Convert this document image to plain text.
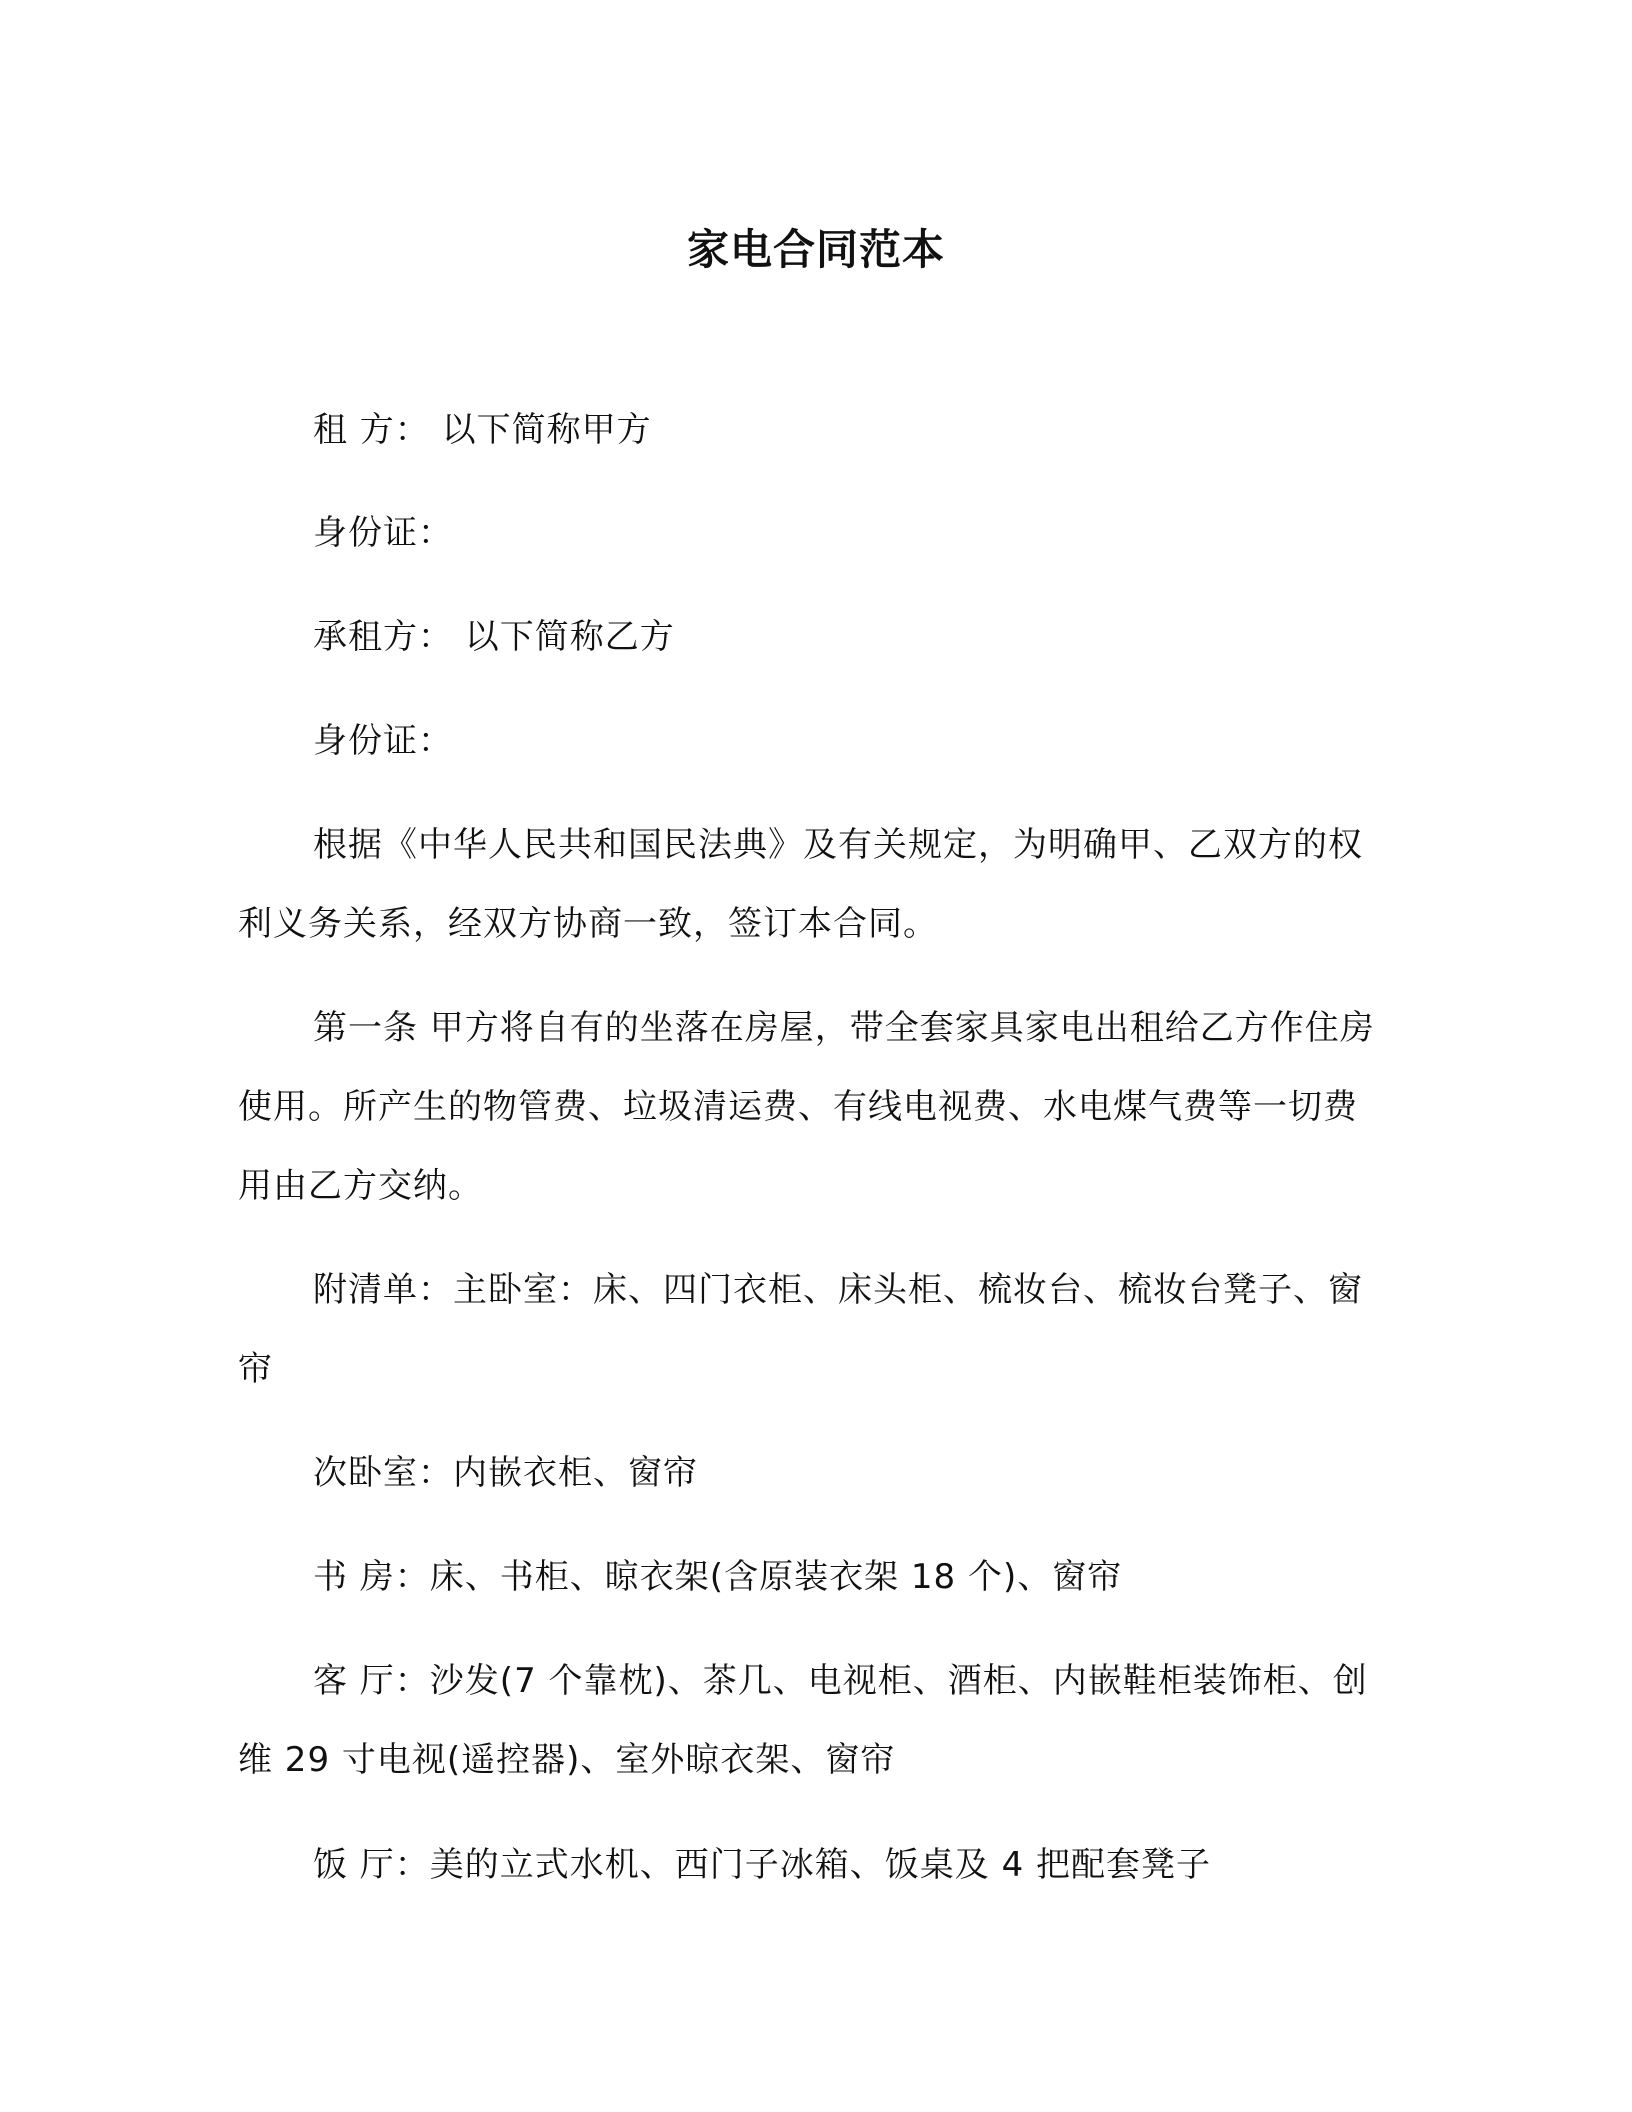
家电合同范本

租 方： 以下简称甲方

身份证：

承租方： 以下简称乙方

身份证：

根据《中华人民共和国民法典》及有关规定，为明确甲、乙双方的权利义务关系，经双方协商一致，签订本合同。

第一条 甲方将自有的坐落在房屋，带全套家具家电出租给乙方作住房使用。所产生的物管费、垃圾清运费、有线电视费、水电煤气费等一切费用由乙方交纳。

附清单：主卧室：床、四门衣柜、床头柜、梳妆台、梳妆台凳子、窗帘

次卧室：内嵌衣柜、窗帘

书 房：床、书柜、晾衣架(含原装衣架 18 个)、窗帘

客 厅：沙发(7 个靠枕)、茶几、电视柜、酒柜、内嵌鞋柜装饰柜、创维 29 寸电视(遥控器)、室外晾衣架、窗帘

饭 厅：美的立式水机、西门子冰箱、饭桌及 4 把配套凳子
